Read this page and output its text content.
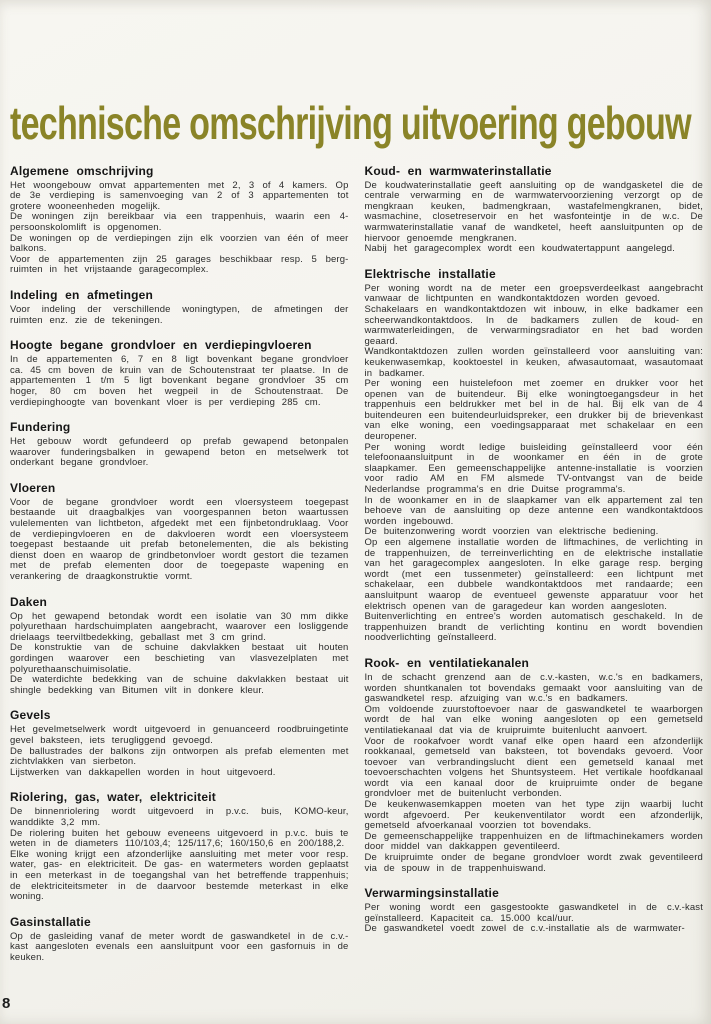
technische omschrijving uitvoering gebouw
Algemene omschrijving

Het woongebouw omvat appartementen met 2, 3 of 4 kamers. Op de 3e verdieping is samenvoeging van 2 of 3 appartementen tot grotere wooneenheden mogelijk.

De woningen zijn bereikbaar via een trappenhuis, waarin een 4-persoonskolomlift is opgenomen.

De woningen op de verdiepingen zijn elk voorzien van één of meer balkons.

Voor de appartementen zijn 25 garages beschikbaar resp. 5 berg- ruimten in het vrijstaande garagecomplex.

Indeling en afmetingen

Voor indeling der verschillende woningtypen, de afmetingen der ruimten enz. zie de tekeningen.

Hoogte begane grondvloer en verdiepingvloeren

In de appartementen 6, 7 en 8 ligt bovenkant begane grondvloer ca. 45 cm boven de kruin van de Schoutenstraat ter plaatse. In de appartementen 1 t/m 5 ligt bovenkant begane grondvloer 35 cm hoger, 80 cm boven het wegpeil in de Schoutenstraat. De verdiepinghoogte van bovenkant vloer is per verdieping 285 cm.

Fundering

Het gebouw wordt gefundeerd op prefab gewapend betonpalen waarover funderingsbalken in gewapend beton en metselwerk tot onderkant begane grondvloer.

Vloeren

Voor de begane grondvloer wordt een vloersysteem toegepast bestaande uit draagbalkjes van voorgespannen beton waartussen vulelementen van lichtbeton, afgedekt met een fijnbetondruklaag. Voor de verdiepingvloeren en de dakvloeren wordt een vloersysteem toegepast bestaande uit prefab betonelementen, die als bekisting dienst doen en waarop de grindbetonvloer wordt gestort die tezamen met de prefab elementen door de toegepaste wapening en verankering de draagkonstruktie vormt.

Daken

Op het gewapend betondak wordt een isolatie van 30 mm dikke polyurethaan hardschuimplaten aangebracht, waarover een losliggende drielaags teerviltbedekking, geballast met 3 cm grind.

De konstruktie van de schuine dakvlakken bestaat uit houten gordingen waarover een beschieting van vlasvezelplaten met polyurethaanschuimisolatie.

De waterdichte bedekking van de schuine dakvlakken bestaat uit shingle bedekking van Bitumen vilt in donkere kleur.

Gevels

Het gevelmetselwerk wordt uitgevoerd in genuanceerd roodbruingetinte gevel baksteen, iets terugliggend gevoegd.

De ballustrades der balkons zijn ontworpen als prefab elementen met zichtvlakken van sierbeton.

Lijstwerken van dakkapellen worden in hout uitgevoerd.

Riolering, gas, water, elektriciteit

De binnenriolering wordt uitgevoerd in p.v.c. buis, KOMO-keur, wanddikte 3,2 mm.

De riolering buiten het gebouw eveneens uitgevoerd in p.v.c. buis te weten in de diameters 110/103,4; 125/117,6; 160/150,6 en 200/188,2.

Elke woning krijgt een afzonderlijke aansluiting met meter voor resp. water, gas- en elektriciteit. De gas- en watermeters worden geplaatst in een meterkast in de toegangshal van het betreffende trappenhuis; de elektriciteitsmeter in de daarvoor bestemde meterkast in elke woning.

Gasinstallatie

Op de gasleiding vanaf de meter wordt de gaswandketel in de c.v.-kast aangesloten evenals een aansluitpunt voor een gasfornuis in de keuken.

Koud- en warmwaterinstallatie

De koudwaterinstallatie geeft aansluiting op de wandgasketel die de centrale verwarming en de warmwatervoorziening verzorgt op de mengkraan keuken, badmengkraan, wastafelmengkranen, bidet, wasmachine, closetreservoir en het wasfonteintje in de w.c. De warmwaterinstallatie vanaf de wandketel, heeft aansluitpunten op de hiervoor genoemde mengkranen.

Nabij het garagecomplex wordt een koudwatertappunt aangelegd.

Elektrische installatie

Per woning wordt na de meter een groepsverdeelkast aangebracht vanwaar de lichtpunten en wandkontaktdozen worden gevoed.

Schakelaars en wandkontaktdozen wit inbouw, in elke badkamer een scheerwandkontaktdoos. In de badkamers zullen de koud- en warmwaterleidingen, de verwarmingsradiator en het bad worden geaard.

Wandkontaktdozen zullen worden geïnstalleerd voor aansluiting van: keukenwasemkap, kooktoestel in keuken, afwasautomaat, wasautomaat in badkamer.

Per woning een huistelefoon met zoemer en drukker voor het openen van de buitendeur. Bij elke woningtoegangsdeur in het trappenhuis een beldrukker met bel in de hal. Bij elk van de 4 buitendeuren een buitendeurluidspreker, een drukker bij de brievenkast van elke woning, een voedingsapparaat met schakelaar en een deuropener.

Per woning wordt ledige buisleiding geïnstalleerd voor één telefoonaansluitpunt in de woonkamer en één in de grote slaapkamer. Een gemeenschappelijke antenne-installatie is voorzien voor radio AM en FM alsmede TV-ontvangst van de beide Nederlandse programma's en drie Duitse programma's.

In de woonkamer en in de slaapkamer van elk appartement zal ten behoeve van de aansluiting op deze antenne een wandkontaktdoos worden ingebouwd.

De buitenzonwering wordt voorzien van elektrische bediening.

Op een algemene installatie worden de liftmachines, de verlichting in de trappenhuizen, de terreinverlichting en de elektrische installatie van het garagecomplex aangesloten. In elke garage resp. berging wordt (met een tussenmeter) geïnstalleerd: een lichtpunt met schakelaar, een dubbele wandkontaktdoos met randaarde; een aansluitpunt waarop de eventueel gewenste apparatuur voor het elektrisch openen van de garagedeur kan worden aangesloten.

Buitenverlichting en entree's worden automatisch geschakeld. In de trappenhuizen brandt de verlichting kontinu en wordt bovendien noodverlichting geïnstalleerd.

Rook- en ventilatiekanalen

In de schacht grenzend aan de c.v.-kasten, w.c.'s en badkamers, worden shuntkanalen tot bovendaks gemaakt voor aansluiting van de gaswandketel resp. afzuiging van w.c.'s en badkamers.

Om voldoende zuurstoftoevoer naar de gaswandketel te waarborgen wordt de hal van elke woning aangesloten op een gemetseld ventilatiekanaal dat via de kruipruimte buitenlucht aanvoert.

Voor de rookafvoer wordt vanaf elke open haard een afzonderlijk rookkanaal, gemetseld van baksteen, tot bovendaks gevoerd. Voor toevoer van verbrandingslucht dient een gemetseld kanaal met toevoerschachten volgens het Shuntsysteem. Het vertikale hoofdkanaal wordt via een kanaal door de kruipruimte onder de begane grondvloer met de buitenlucht verbonden.

De keukenwasemkappen moeten van het type zijn waarbij lucht wordt afgevoerd. Per keukenventilator wordt een afzonderlijk, gemetseld afvoerkanaal voorzien tot bovendaks.

De gemeenschappelijke trappenhuizen en de liftmachinekamers worden door middel van dakkappen geventileerd.

De kruipruimte onder de begane grondvloer wordt zwak geventileerd via de spouw in de trappenhuiswand.

Verwarmingsinstallatie

Per woning wordt een gasgestookte gaswandketel in de c.v.-kast geïnstalleerd. Kapaciteit ca. 15.000 kcal/uur.

De gaswandketel voedt zowel de c.v.-installatie als de warmwater-

8
